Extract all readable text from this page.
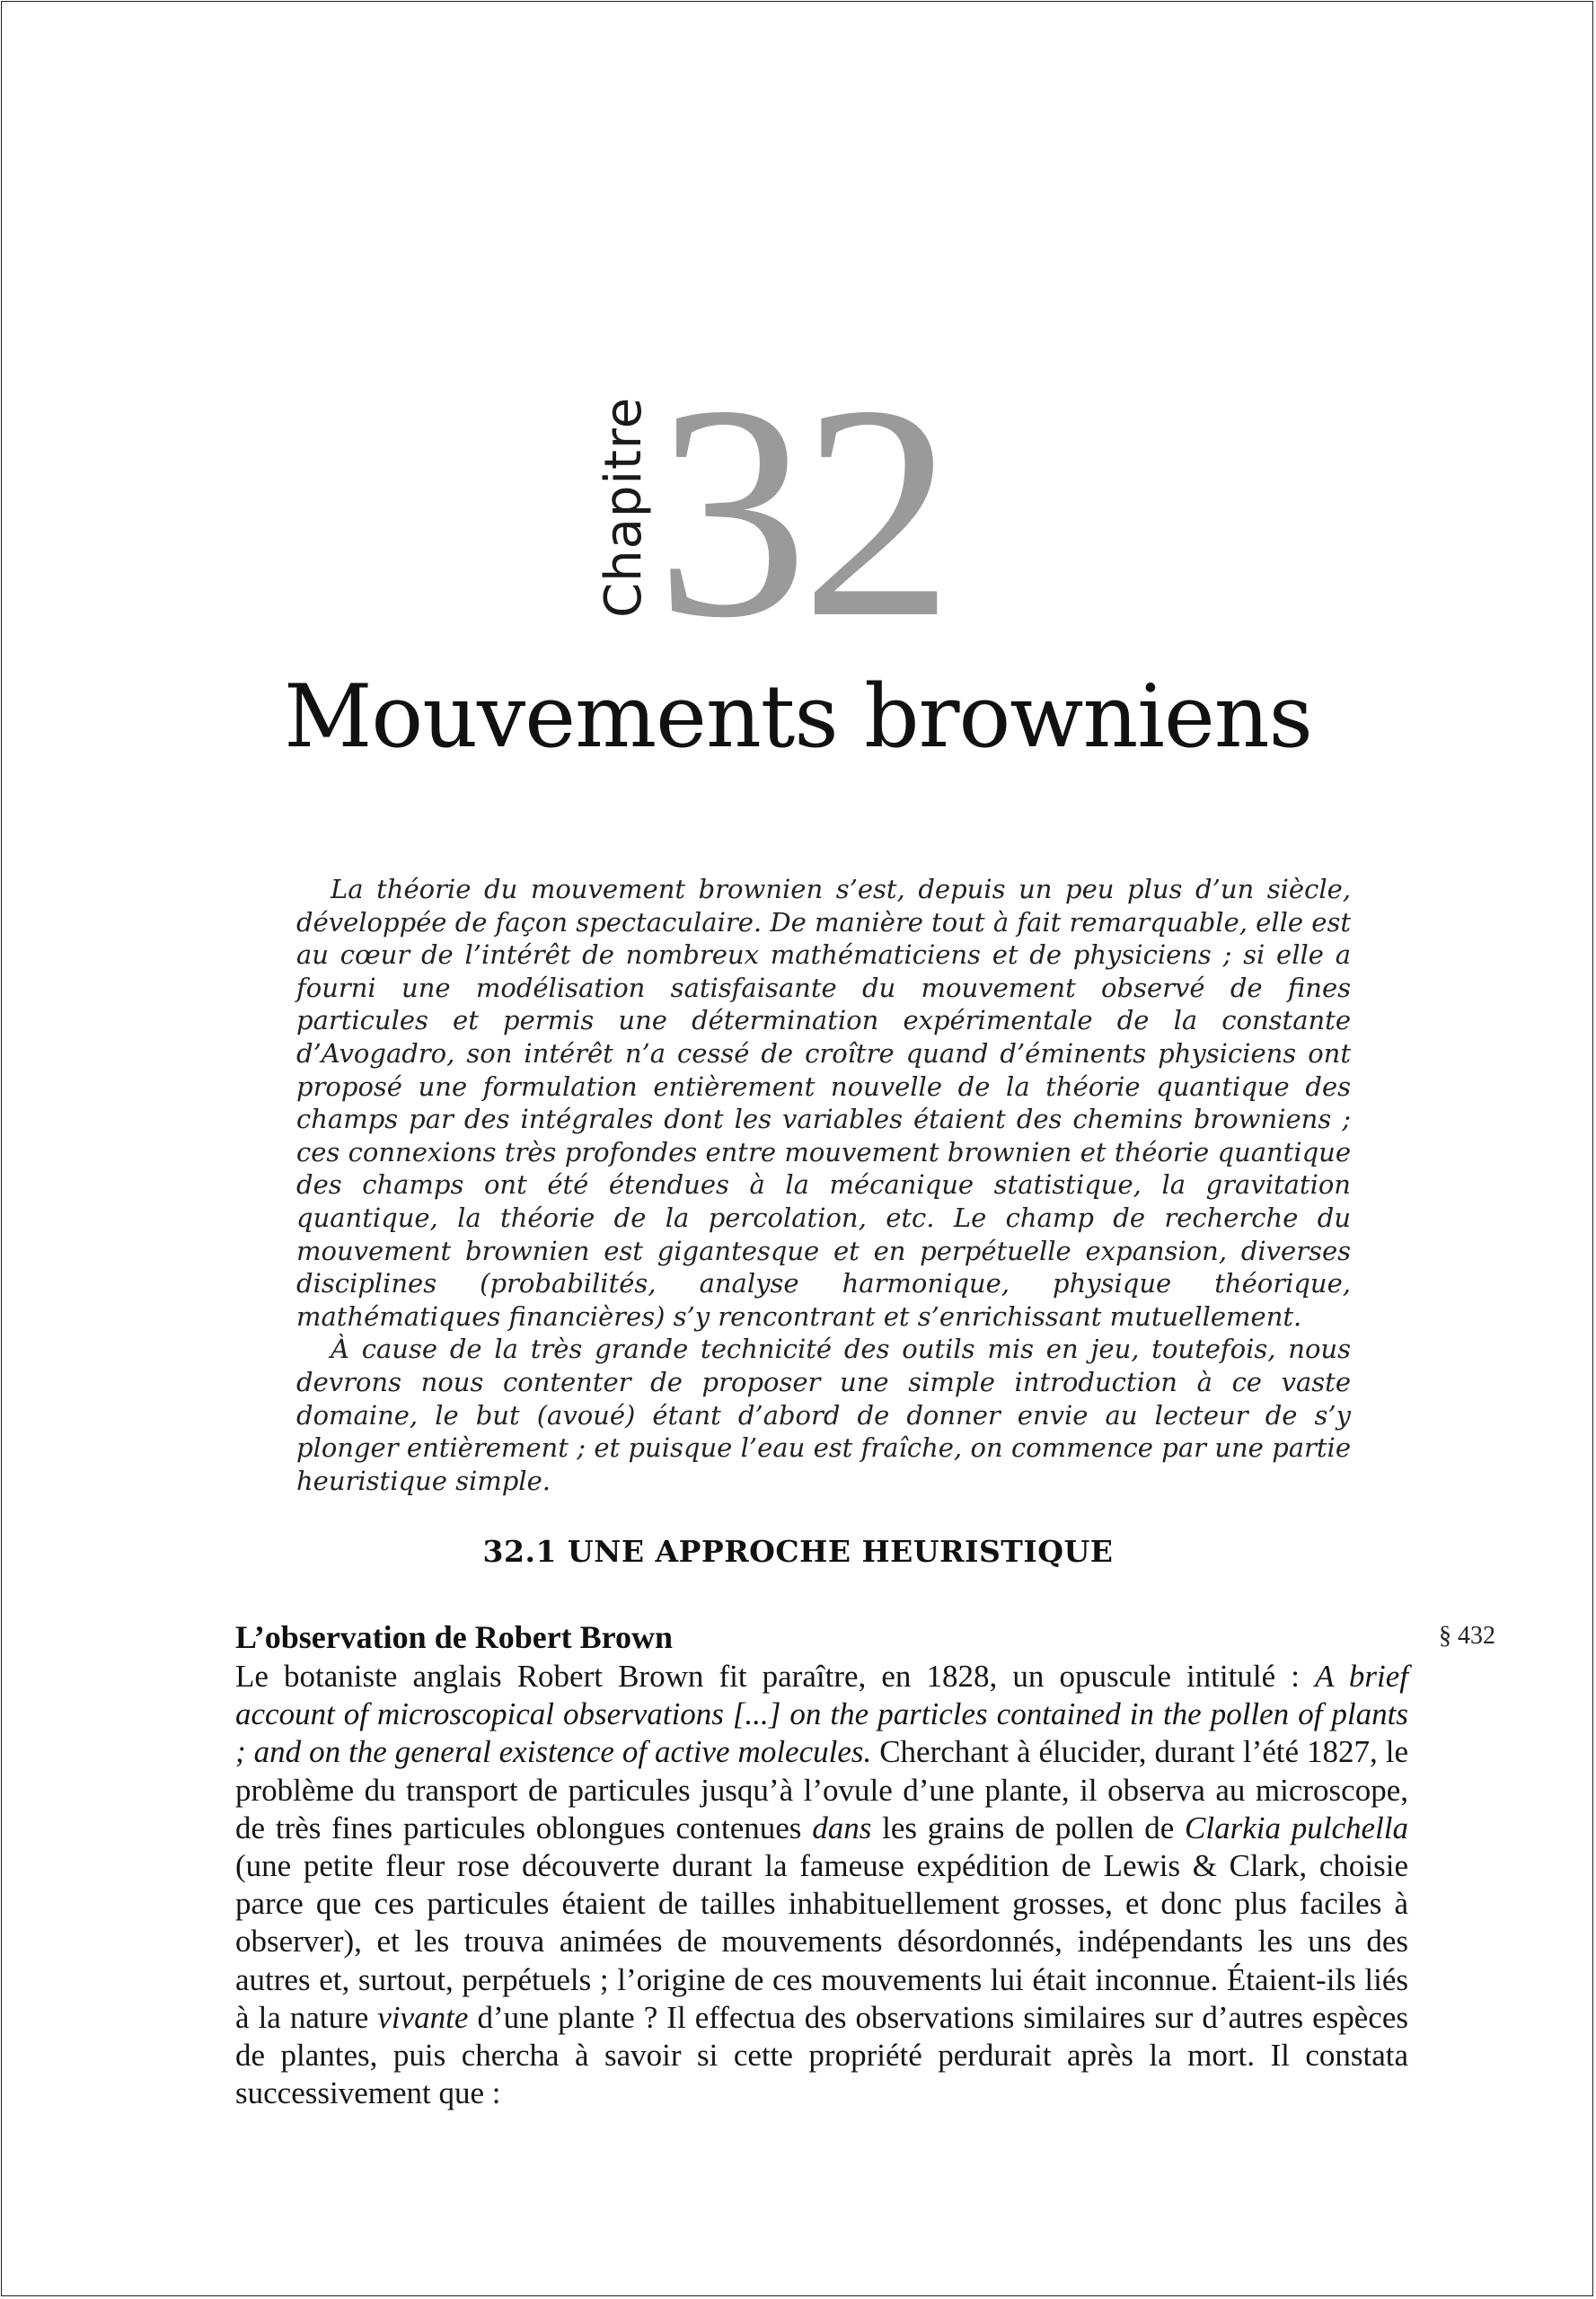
Chapitre 32
Mouvements browniens

La théorie du mouvement brownien s’est, depuis un peu plus d’un siècle, développée de façon spectaculaire. De manière tout à fait remarquable, elle est au cœur de l’intérêt de nombreux mathématiciens et de physiciens ; si elle a fourni une modélisation satisfaisante du mouvement observé de fines particules et permis une détermination expérimentale de la constante d’Avogadro, son intérêt n’a cessé de croître quand d’éminents physiciens ont proposé une formulation entièrement nouvelle de la théorie quantique des champs par des intégrales dont les variables étaient des chemins browniens ; ces connexions très profondes entre mouvement brownien et théorie quantique des champs ont été étendues à la mécanique statistique, la gravitation quantique, la théorie de la percolation, etc. Le champ de recherche du mouvement brownien est gigantesque et en perpétuelle expansion, diverses disciplines (probabilités, analyse harmonique, physique théorique, mathématiques financières) s’y rencontrant et s’enrichissant mutuellement.

À cause de la très grande technicité des outils mis en jeu, toutefois, nous devrons nous contenter de proposer une simple introduction à ce vaste domaine, le but (avoué) étant d’abord de donner envie au lecteur de s’y plonger entièrement ; et puisque l’eau est fraîche, on commence par une partie heuristique simple.

32.1 UNE APPROCHE HEURISTIQUE
L’observation de Robert Brown	§ 432

Le botaniste anglais Robert Brown fit paraître, en 1828, un opuscule intitulé : A brief account of microscopical observations [...] on the particles contained in the pollen of plants ; and on the general existence of active molecules. Cherchant à élucider, durant l’été 1827, le problème du transport de particules jusqu’à l’ovule d’une plante, il observa au microscope, de très fines particules oblongues contenues dans les grains de pollen de Clarkia pulchella (une petite fleur rose découverte durant la fameuse expédition de Lewis & Clark, choisie parce que ces particules étaient de tailles inhabituellement grosses, et donc plus faciles à observer), et les trouva animées de mouvements désordonnés, indépendants les uns des autres et, surtout, perpétuels ; l’origine de ces mouvements lui était inconnue. Étaient-ils liés à la nature vivante d’une plante ? Il effectua des observations similaires sur d’autres espèces de plantes, puis chercha à savoir si cette propriété perdurait après la mort. Il constata successivement que :
